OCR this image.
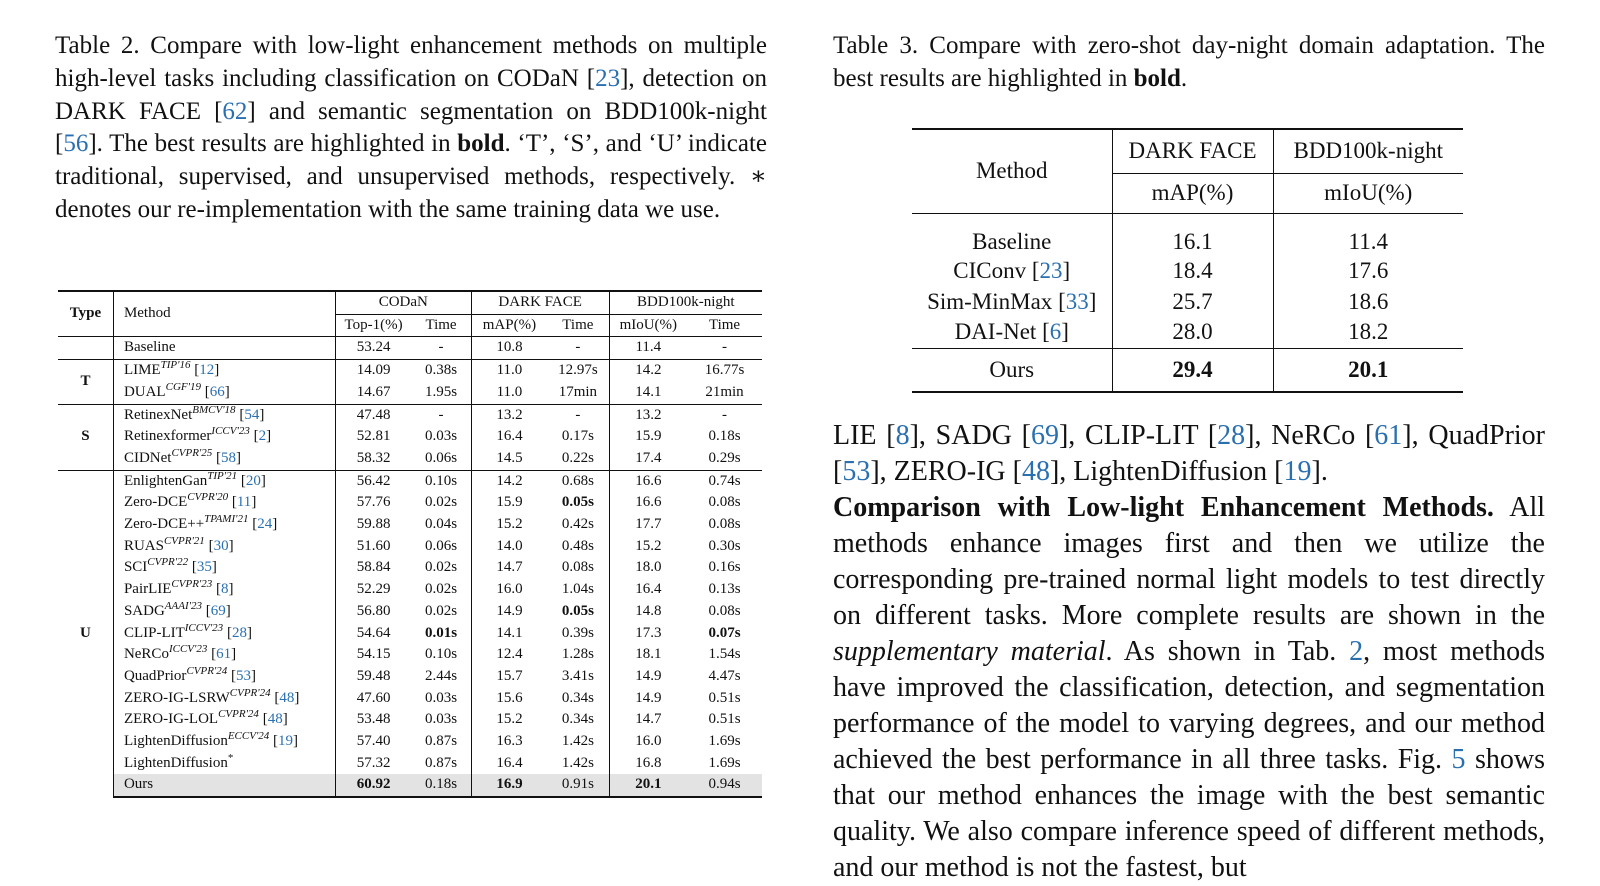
Table 2. Compare with low-light enhancement methods on multiple high-level tasks including classification on CODaN [23], detection on DARK FACE [62] and semantic segmentation on BDD100k-night [56]. The best results are highlighted in bold. ‘T’, ‘S’, and ‘U’ indicate traditional, supervised, and unsupervised methods, respectively. ∗ denotes our re-implementation with the same training data we use.
Type	Method	CODaN		DARK FACE		BDD100k-night	
		Top-1(%)	Time	mAP(%)	Time	mIoU(%)	Time
	Baseline	53.24	-	10.8	-	11.4	-
T	$LIME^{TIP'16}$ [12]	14.09	0.38s	11.0	12.97s	14.2	16.77s
	$DUAL^{CGF'19}$ [66]	14.67	1.95s	11.0	17min	14.1	21min
S	RetinexNet$^{BMCV'18}$ [54]	47.48	-	13.2	-	13.2	-
	Retinexformer$^{ICCV'23}$ [2]	52.81	0.03s	16.4	0.17s	15.9	0.18s
	CIDNet$^{CVPR'25}$ [58]	58.32	0.06s	14.5	0.22s	17.4	0.29s
U	EnlightenGan$^{TIP'21}$ [20]	56.42	0.10s	14.2	0.68s	16.6	0.74s
	Zero-$DCE^{CVPR'20}$ [11]	57.76	0.02s	15.9	0.05s	16.6	0.08s
	Zero-DCE++$^{TPAMI'21}$ [24]	59.88	0.04s	15.2	0.42s	17.7	0.08s
	$RUAS^{CVPR'21}$ [30]	51.60	0.06s	14.0	0.48s	15.2	0.30s
	$SCI^{CVPR'22}$ [35]	58.84	0.02s	14.7	0.08s	18.0	0.16s
	PairLIE$^{CVPR'23}$ [8]	52.29	0.02s	16.0	1.04s	16.4	0.13s
	$SADG^{AAAI'23}$ [69]	56.80	0.02s	14.9	0.05s	14.8	0.08s
	CLIP-$LIT^{ICCV'23}$ [28]	54.64	0.01s	14.1	0.39s	17.3	0.07s
	NeRCo$^{ICCV'23}$ [61]	54.15	0.10s	12.4	1.28s	18.1	1.54s
	QuadPrior$^{CVPR'24}$ [53]	59.48	2.44s	15.7	3.41s	14.9	4.47s
	ZERO-$IG-LSRW^{CVPR'24}$ [48]	47.60	0.03s	15.6	0.34s	14.9	0.51s
	ZERO-$IG-LOL^{CVPR'24}$ [48]	53.48	0.03s	15.2	0.34s	14.7	0.51s
	LightenDiffusion$^{ECCV'24}$ [19]	57.40	0.87s	16.3	1.42s	16.0	1.69s
	LightenDiffusion*	57.32	0.87s	16.4	1.42s	16.8	1.69s
	Ours	60.92	0.18s	16.9	0.91s	20.1	0.94s
Table 3. Compare with zero-shot day-night domain adaptation. The best results are highlighted in bold.
Method	DARK FACE	BDD100k-night
	mAP(%)	mIoU(%)
Baseline	16.1	11.4
CIConv [23]	18.4	17.6
Sim-MinMax [33]	25.7	18.6
DAI-Net [6]	28.0	18.2
Ours	29.4	20.1

LIE [8], SADG [69], CLIP-LIT [28], NeRCo [61], QuadPrior [53], ZERO-IG [48], LightenDiffusion [19].

Comparison with Low-light Enhancement Methods. All methods enhance images first and then we utilize the corresponding pre-trained normal light models to test directly on different tasks. More complete results are shown in the supplementary material. As shown in Tab. 2, most methods have improved the classification, detection, and segmentation performance of the model to varying degrees, and our method achieved the best performance in all three tasks. Fig. 5 shows that our method enhances the image with the best semantic quality. We also compare inference speed of different methods, and our method is not the fastest, but
